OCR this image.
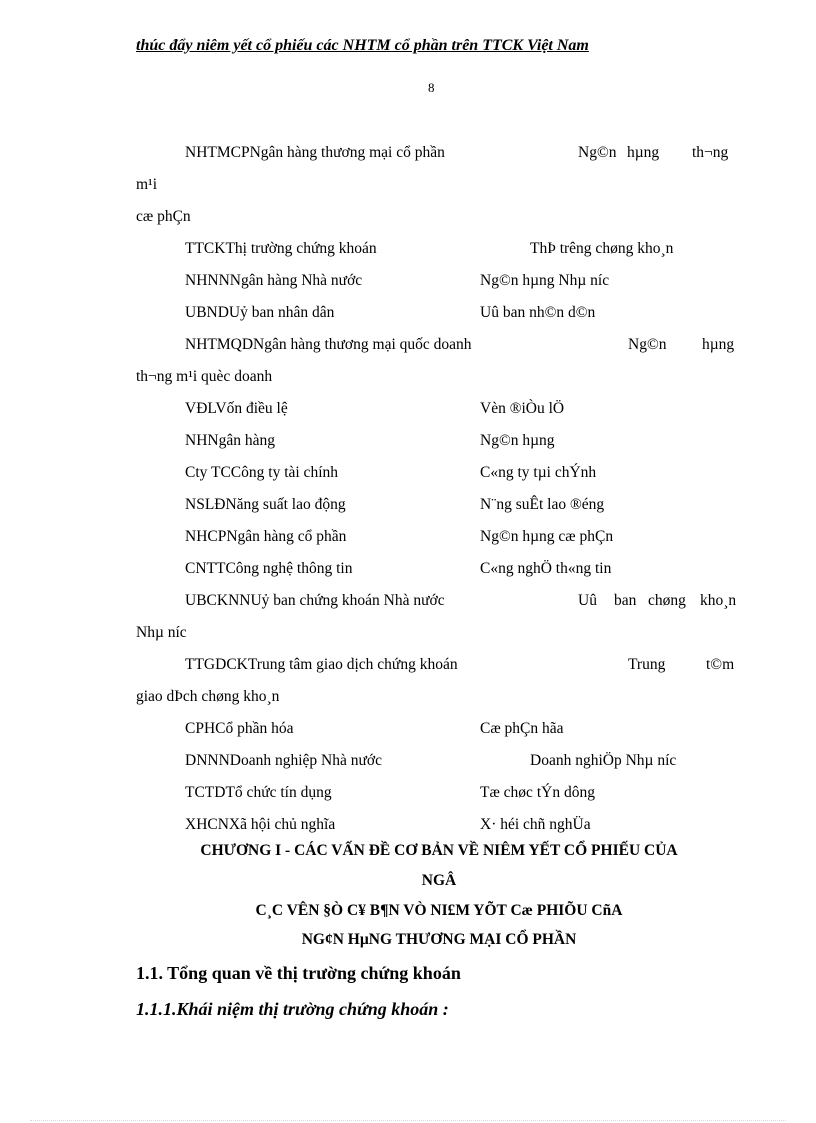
thúc đẩy niêm yết cổ phiếu các NHTM cổ phần trên TTCK Việt Nam
8
NHTMCPNgân hàng thương mại cổ phần	Ng©n hµng th¬ng
m¹i
cæ phÇn
TTCKThị trường chứng khoán	ThÞ trêng chøng kho¸n
NHNNNgân hàng Nhà nước	Ng©n hµng Nhµ níc
UBNDUỷ ban nhân dân	Uû ban nh©n d©n
NHTMQDNgân hàng thương mại quốc doanh	Ng©n hµng
th¬ng m¹i quèc doanh
VĐLVốn điều lệ	Vèn ®iÒu lÖ
NHNgân hàng	Ng©n hµng
Cty TCCông ty tài chính	C«ng ty tµi chÝnh
NSLĐNăng suất lao động	N¨ng suÊt lao ®éng
NHCPNgân hàng cổ phần	Ng©n hµng cæ phÇn
CNTTCông nghệ thông tin	C«ng nghÖ th«ng tin
UBCKNNUỷ ban chứng khoán Nhà nước	Uû ban chøng kho¸n
Nhµ níc
TTGDCKTrung tâm giao dịch chứng khoán	Trung	t©m
giao dÞch chøng kho¸n
CPHCổ phần hóa	Cæ phÇn hãa
DNNNDoanh nghiệp Nhà nước	Doanh nghiÖp Nhµ níc
TCTDTổ chức tín dụng	Tæ chøc tÝn dông
XHCNXã hội chủ nghĩa	X· héi chñ nghÜa
CHƯƠNG I - CÁC VẤN ĐỀ CƠ BẢN VỀ NIÊM YẾT CỔ PHIẾU CỦA
NGÂ
C¸C VÊN §Ò C¥ B¶N VÒ NI£M YÕT Cæ PHIÕU CñA
NG¢N HµNG THƯƠNG MẠI CỔ PHẦN
1.1. Tổng quan về thị trường chứng khoán
1.1.1.Khái niệm thị trường chứng khoán :
